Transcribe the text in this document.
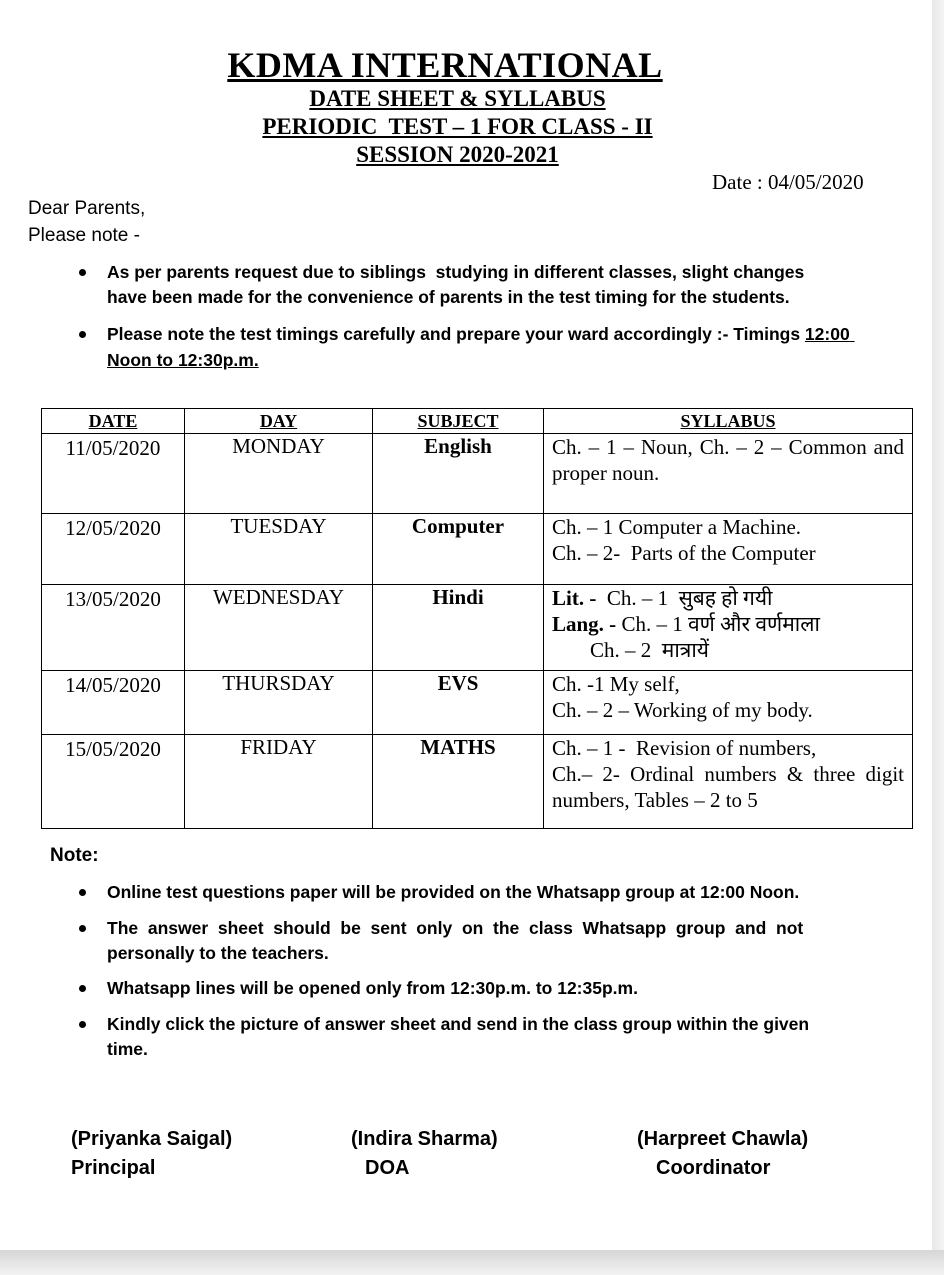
KDMA INTERNATIONAL
DATE SHEET & SYLLABUS
PERIODIC  TEST – 1 FOR CLASS - II
SESSION 2020-2021
Date : 04/05/2020
Dear Parents,
Please note -
As per parents request due to siblings  studying in different classes, slight changes
have been made for the convenience of parents in the test timing for the students.
Please note the test timings carefully and prepare your ward accordingly :- Timings 12:00
Noon to 12:30p.m.
DATE	DAY	SUBJECT	SYLLABUS
11/05/2020	MONDAY	English	Ch. – 1 – Noun, Ch. – 2 – Common and proper noun.
12/05/2020	TUESDAY	Computer	Ch. – 1 Computer a Machine.
Ch. – 2-  Parts of the Computer

13/05/2020	WEDNESDAY	Hindi	Lit. -  Ch. – 1  सुबह हो गयी
Lang. - Ch. – 1 वर्ण और वर्णमाला
Ch. – 2  मात्रायें

14/05/2020	THURSDAY	EVS	Ch. -1 My self,
Ch. – 2 – Working of my body.

15/05/2020	FRIDAY	MATHS	Ch. – 1 -  Revision of numbers,
Ch.– 2- Ordinal numbers & three digit numbers, Tables – 2 to 5
Note:
Online test questions paper will be provided on the Whatsapp group at 12:00 Noon.
The  answer  sheet  should  be  sent  only  on  the  class  Whatsapp  group  and  not
personally to the teachers.
Whatsapp lines will be opened only from 12:30p.m. to 12:35p.m.
Kindly click the picture of answer sheet and send in the class group within the given
time.
(Priyanka Saigal)
Principal
(Indira Sharma)
DOA
(Harpreet Chawla)
Coordinator
